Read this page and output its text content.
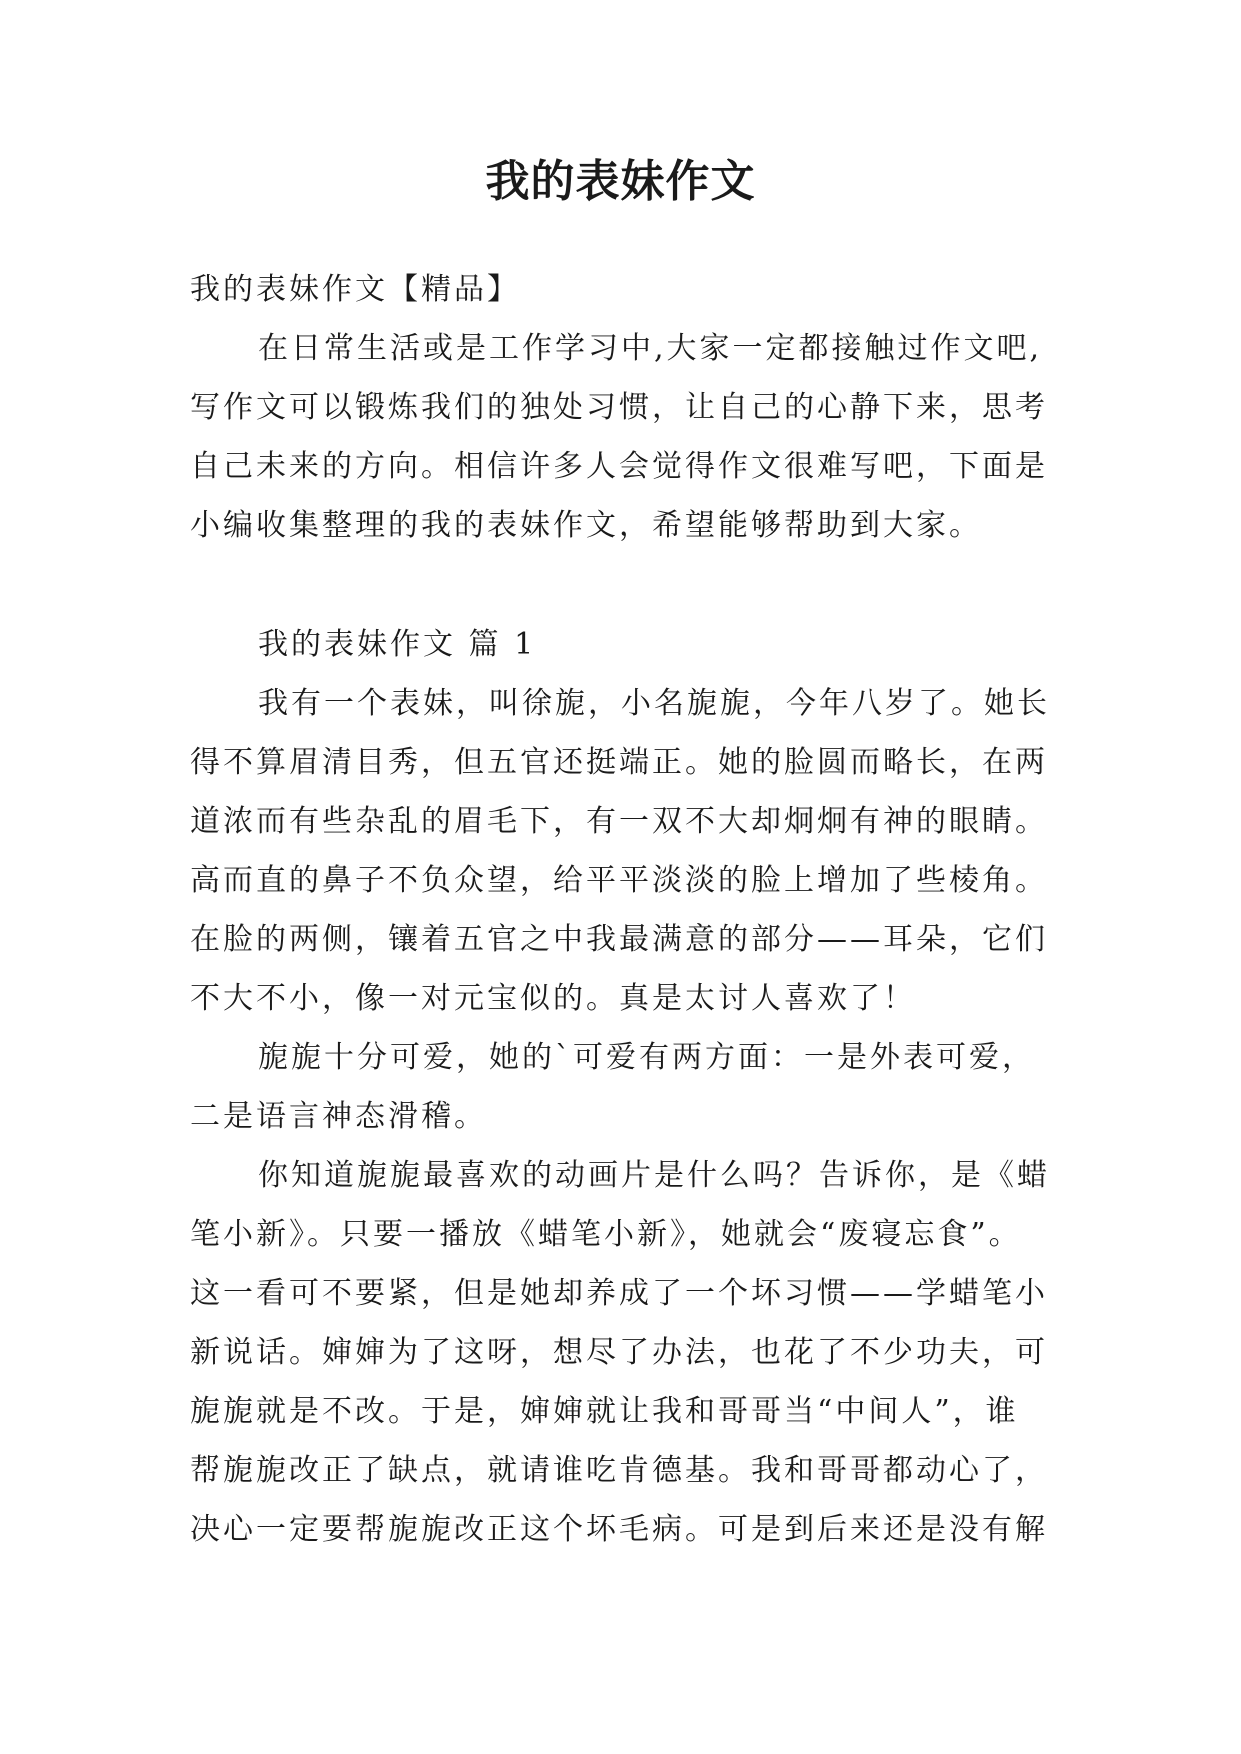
我的表妹作文
我的表妹作文【精品】
在日常生活或是工作学习中,大家一定都接触过作文吧,
写作文可以锻炼我们的独处习惯，让自己的心静下来，思考
自己未来的方向。相信许多人会觉得作文很难写吧，下面是
小编收集整理的我的表妹作文，希望能够帮助到大家。
我的表妹作文 篇 1
我有一个表妹，叫徐旎，小名旎旎，今年八岁了。她长
得不算眉清目秀，但五官还挺端正。她的脸圆而略长，在两
道浓而有些杂乱的眉毛下，有一双不大却炯炯有神的眼睛。
高而直的鼻子不负众望，给平平淡淡的脸上增加了些棱角。
在脸的两侧，镶着五官之中我最满意的部分——耳朵，它们
不大不小，像一对元宝似的。真是太讨人喜欢了！
旎旎十分可爱，她的`可爱有两方面：一是外表可爱，
二是语言神态滑稽。
你知道旎旎最喜欢的动画片是什么吗？告诉你，是《蜡
笔小新》。只要一播放《蜡笔小新》，她就会“废寝忘食”。
这一看可不要紧，但是她却养成了一个坏习惯——学蜡笔小
新说话。婶婶为了这呀，想尽了办法，也花了不少功夫，可
旎旎就是不改。于是，婶婶就让我和哥哥当“中间人”，谁
帮旎旎改正了缺点，就请谁吃肯德基。我和哥哥都动心了，
决心一定要帮旎旎改正这个坏毛病。可是到后来还是没有解
